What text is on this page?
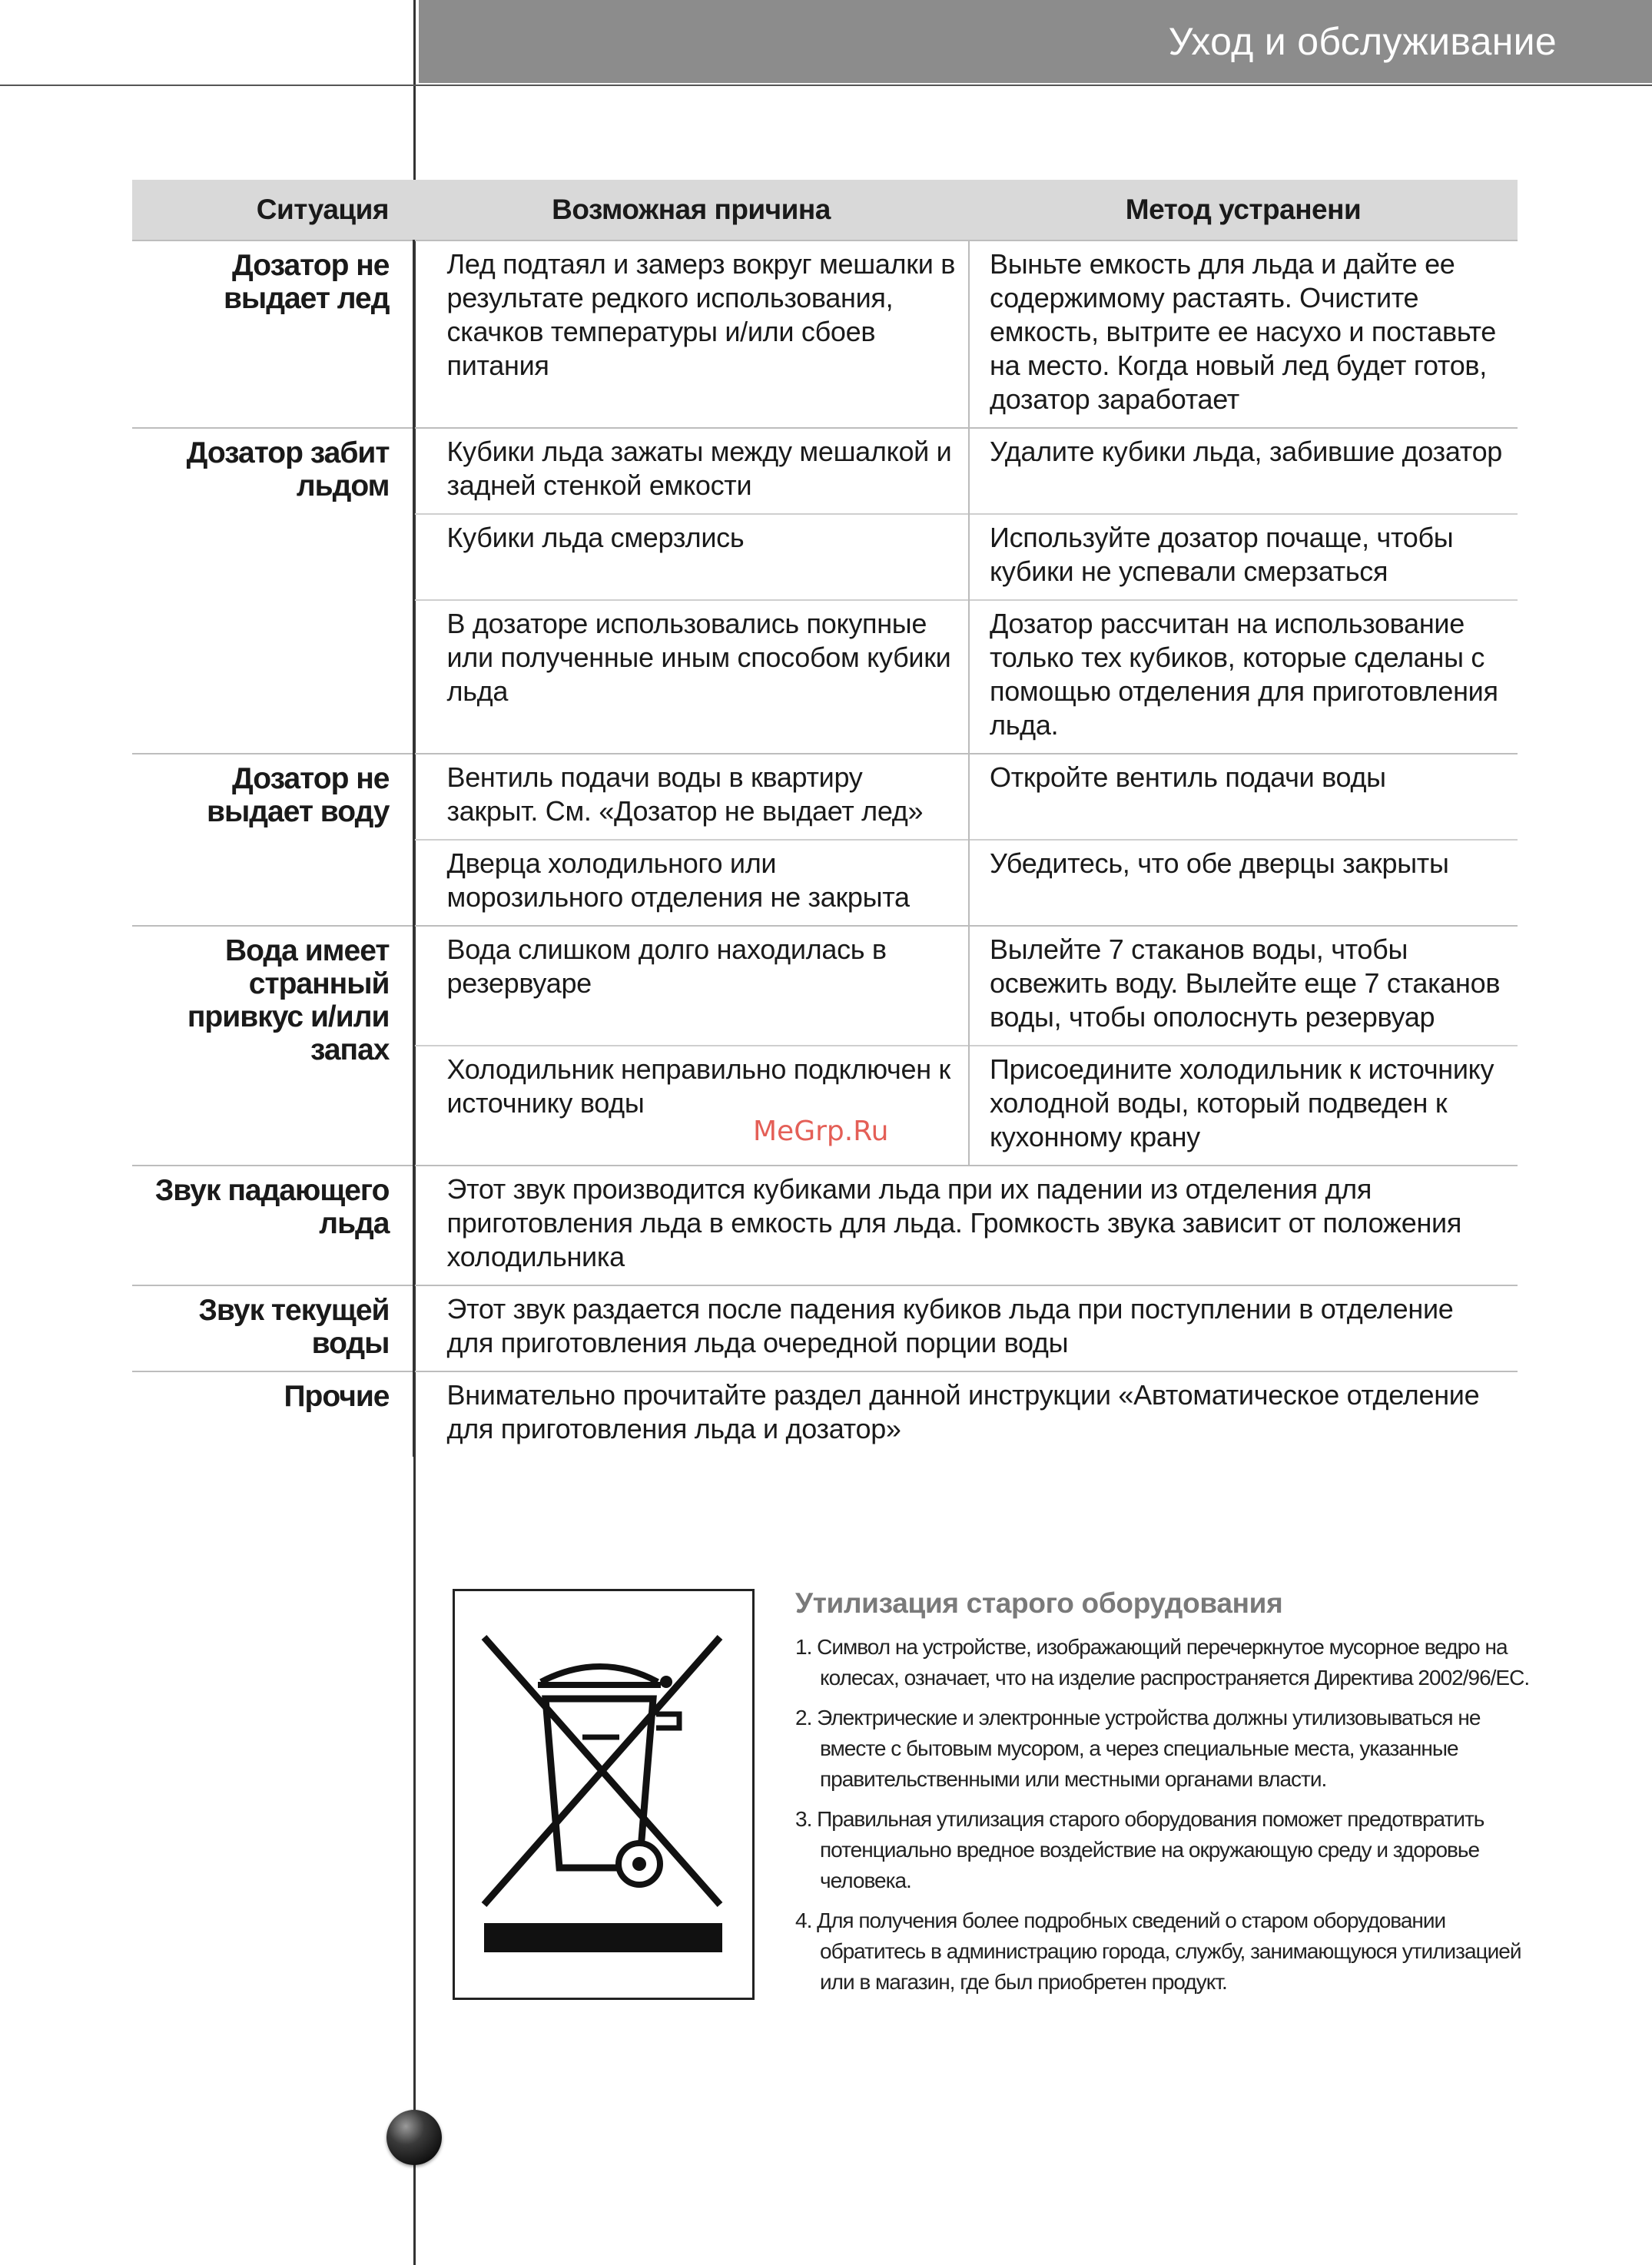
Уход и обслуживание
Ситуация	Возможная причина	Метод устранени
Дозатор не выдает лед	Лед подтаял и замерз вокруг мешалки в результате редкого использования, скачков температуры и/или сбоев питания	Выньте емкость для льда и дайте ее содержимому растаять. Очистите емкость, вытрите ее насухо и поставьте на место. Когда новый лед будет готов, дозатор заработает
Дозатор забит льдом	Кубики льда зажаты между мешалкой и задней стенкой емкости	Удалите кубики льда, забившие дозатор
	Кубики льда смерзлись	Используйте дозатор почаще, чтобы кубики не успевали смерзаться
	В дозаторе использовались покупные или полученные иным способом кубики льда	Дозатор рассчитан на использование только тех кубиков, которые сделаны с помощью отделения для приготовления льда.
Дозатор не выдает воду	Вентиль подачи воды в квартиру закрыт. См. «Дозатор не выдает лед»	Откройте вентиль подачи воды
	Дверца холодильного или морозильного отделения не закрыта	Убедитесь, что обе дверцы закрыты
Вода имеет странный привкус и/или запах	Вода слишком долго находилась в резервуаре	Вылейте 7 стаканов воды, чтобы освежить воду. Вылейте еще 7 стаканов воды, чтобы ополоснуть резервуар
	Холодильник неправильно подключен к источнику воды	Присоедините холодильник к источнику холодной воды, который подведен к кухонному крану
Звук падающего льда	Этот звук производится кубиками льда при их падении из отделения для приготовления льда в емкость для льда. Громкость звука зависит от положения холодильника	
Звук текущей воды	Этот звук раздается после падения кубиков льда при поступлении в отделение для приготовления льда очередной порции воды	
Прочие	Внимательно прочитайте раздел данной инструкции «Автоматическое отделение для приготовления льда и дозатор»	
MeGrp.Ru
Утилизация старого оборудования
1. Символ на устройстве, изображающий перечеркнутое мусорное ведро на колесах, означает, что на изделие распространяется Директива 2002/96/ЕС.
2. Электрические и электронные устройства должны утилизовываться не вместе с бытовым мусором, а через специальные места, указанные правительственными или местными органами власти.
3. Правильная утилизация старого оборудования поможет предотвратить потенциально вредное воздействие на окружающую среду и здоровье человека.
4. Для получения более подробных сведений о старом оборудовании обратитесь в администрацию города, службу, занимающуюся утилизацией или в магазин, где был приобретен продукт.
